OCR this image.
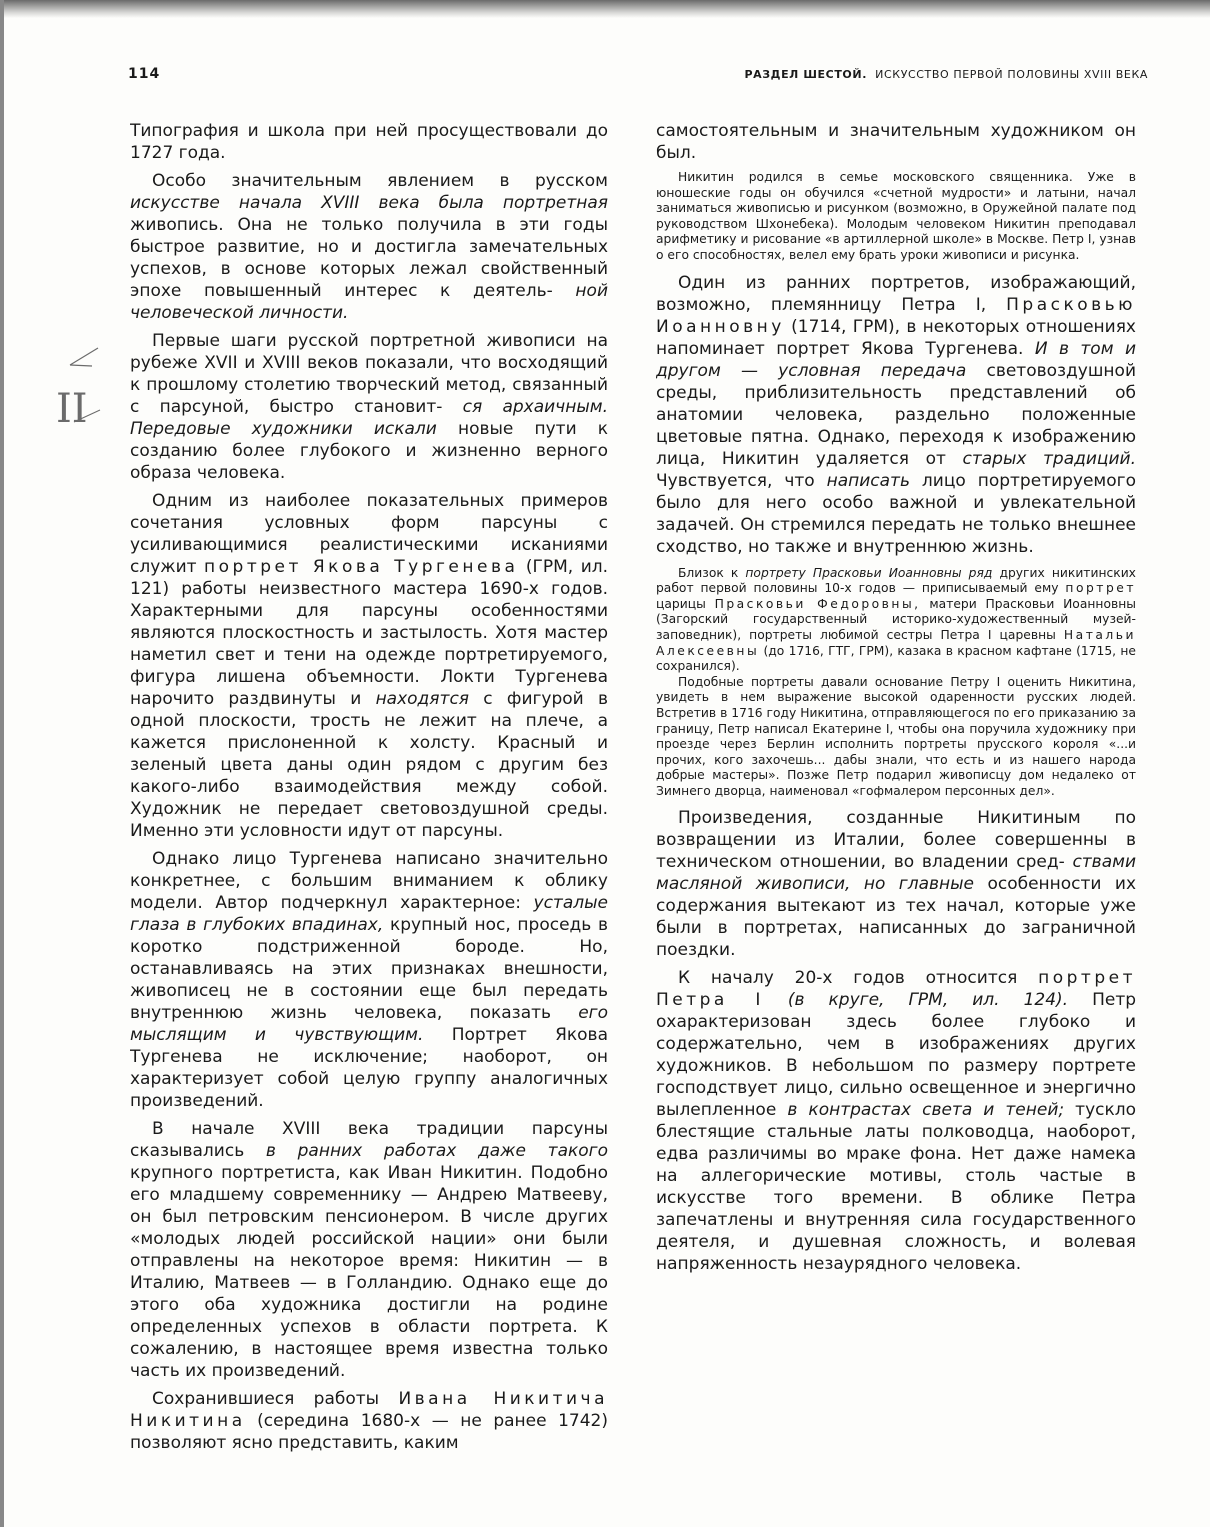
114	РАЗДЕЛ ШЕСТОЙ. ИСКУССТВО ПЕРВОЙ ПОЛОВИНЫ XVIII ВЕКА
II

Типография и школа при ней просуществовали до 1727 года.

Особо значительным явлением в русском искусстве начала XVIII века была портретная живопись. Она не только получила в эти годы быстрое развитие, но и достигла замечательных успехов, в основе которых лежал свойственный эпохе повышенный интерес к деятель- ной человеческой личности.

Первые шаги русской портретной живописи на рубеже XVII и XVIII веков показали, что восходящий к прошлому столетию творческий метод, связанный с парсуной, быстро становит- ся архаичным. Передовые художники искали новые пути к созданию более глубокого и жизненно верного образа человека.

Одним из наиболее показательных примеров сочетания условных форм парсуны с усиливающимися реалистическими исканиями служит портрет Якова Тургенева (ГРМ, ил. 121) работы неизвестного мастера 1690-х годов. Характерными для парсуны особенностями являются плоскостность и застылость. Хотя мастер наметил свет и тени на одежде портретируемого, фигура лишена объемности. Локти Тургенева нарочито раздвинуты и находятся с фигурой в одной плоскости, трость не лежит на плече, а кажется прислоненной к холсту. Красный и зеленый цвета даны один рядом с другим без какого-либо взаимодействия между собой. Художник не передает световоздушной среды. Именно эти условности идут от парсуны.

Однако лицо Тургенева написано значительно конкретнее, с большим вниманием к облику модели. Автор подчеркнул характерное: усталые глаза в глубоких впадинах, крупный нос, проседь в коротко подстриженной бороде. Но, останавливаясь на этих признаках внешности, живописец не в состоянии еще был передать внутреннюю жизнь человека, показать его мыслящим и чувствующим. Портрет Якова Тургенева не исключение; наоборот, он характеризует собой целую группу аналогичных произведений.

В начале XVIII века традиции парсуны сказывались в ранних работах даже такого крупного портретиста, как Иван Никитин. Подобно его младшему современнику — Андрею Матвееву, он был петровским пенсионером. В числе других «молодых людей российской нации» они были отправлены на некоторое время: Никитин — в Италию, Матвеев — в Голландию. Однако еще до этого оба художника достигли на родине определенных успехов в области портрета. К сожалению, в настоящее время известна только часть их произведений.

Сохранившиеся работы Ивана Никитича Никитина (середина 1680-х — не ранее 1742) позволяют ясно представить, каким

самостоятельным и значительным художником он был.

Никитин родился в семье московского священника. Уже в юношеские годы он обучился «счетной мудрости» и латыни, начал заниматься живописью и рисунком (возможно, в Оружейной палате под руководством Шхонебека). Молодым человеком Никитин преподавал арифметику и рисование «в артиллерной школе» в Москве. Петр I, узнав о его способностях, велел ему брать уроки живописи и рисунка.

Один из ранних портретов, изображающий, возможно, племянницу Петра I, Прасковью Иоанновну (1714, ГРМ), в некоторых отношениях напоминает портрет Якова Тургенева. И в том и другом — условная передача световоздушной среды, приблизительность представлений об анатомии человека, раздельно положенные цветовые пятна. Однако, переходя к изображению лица, Никитин удаляется от старых традиций. Чувствуется, что написать лицо портретируемого было для него особо важной и увлекательной задачей. Он стремился передать не только внешнее сходство, но также и внутреннюю жизнь.

Близок к портрету Прасковьи Иоанновны ряд других никитинских работ первой половины 10-х годов — приписываемый ему портрет царицы Прасковьи Федоровны, матери Прасковьи Иоанновны (Загорский государственный историко-художественный музей-заповедник), портреты любимой сестры Петра I царевны Натальи Алексеевны (до 1716, ГТГ, ГРМ), казака в красном кафтане (1715, не сохранился).

Подобные портреты давали основание Петру I оценить Никитина, увидеть в нем выражение высокой одаренности русских людей. Встретив в 1716 году Никитина, отправляющегося по его приказанию за границу, Петр написал Екатерине I, чтобы она поручила художнику при проезде через Берлин исполнить портреты прусского короля «...и прочих, кого захочешь... дабы знали, что есть и из нашего народа добрые мастеры». Позже Петр подарил живописцу дом недалеко от Зимнего дворца, наименовал «гофмалером персонных дел».

Произведения, созданные Никитиным по возвращении из Италии, более совершенны в техническом отношении, во владении сред- ствами масляной живописи, но главные особенности их содержания вытекают из тех начал, которые уже были в портретах, написанных до заграничной поездки.

К началу 20-х годов относится портрет Петра I (в круге, ГРМ, ил. 124). Петр охарактеризован здесь более глубоко и содержательно, чем в изображениях других художников. В небольшом по размеру портрете господствует лицо, сильно освещенное и энергично вылепленное в контрастах света и теней; тускло блестящие стальные латы полководца, наоборот, едва различимы во мраке фона. Нет даже намека на аллегорические мотивы, столь частые в искусстве того времени. В облике Петра запечатлены и внутренняя сила государственного деятеля, и душевная сложность, и волевая напряженность незаурядного человека.
